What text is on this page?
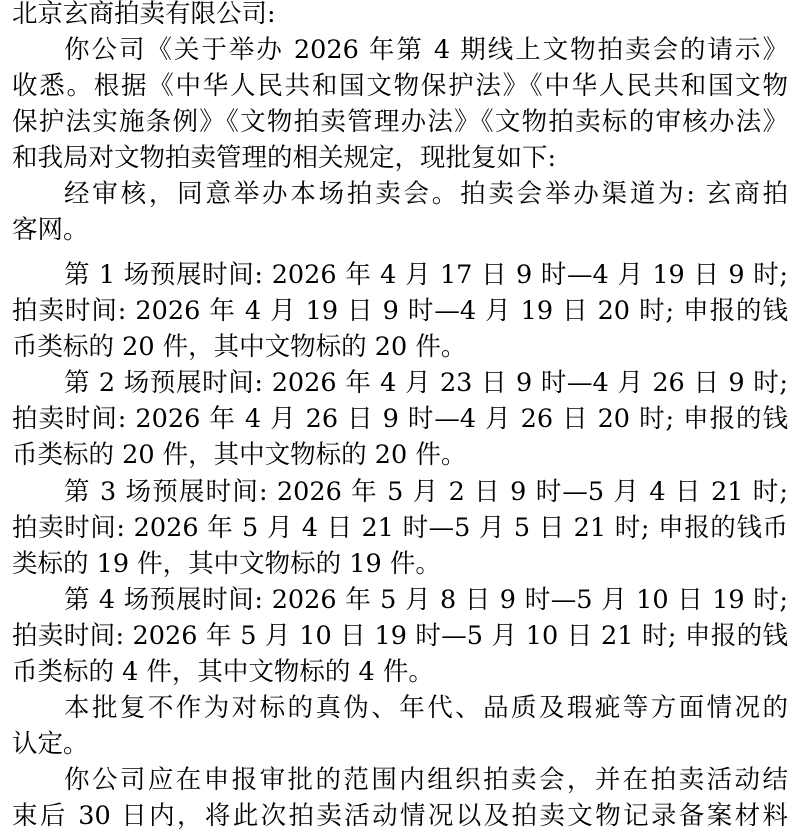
北京玄商拍卖有限公司:
你公司《关于举办 2026 年第 4 期线上文物拍卖会的请示》
收悉。根据《中华人民共和国文物保护法》《中华人民共和国文物
保护法实施条例》《文物拍卖管理办法》《文物拍卖标的审核办法》
和我局对文物拍卖管理的相关规定，现批复如下:
经审核，同意举办本场拍卖会。拍卖会举办渠道为: 玄商拍
客网。
第 1 场预展时间: 2026 年 4 月 17 日 9 时—4 月 19 日 9 时;
拍卖时间: 2026 年 4 月 19 日 9 时—4 月 19 日 20 时; 申报的钱
币类标的 20 件，其中文物标的 20 件。
第 2 场预展时间: 2026 年 4 月 23 日 9 时—4 月 26 日 9 时;
拍卖时间: 2026 年 4 月 26 日 9 时—4 月 26 日 20 时; 申报的钱
币类标的 20 件，其中文物标的 20 件。
第 3 场预展时间: 2026 年 5 月 2 日 9 时—5 月 4 日 21 时;
拍卖时间: 2026 年 5 月 4 日 21 时—5 月 5 日 21 时; 申报的钱币
类标的 19 件，其中文物标的 19 件。
第 4 场预展时间: 2026 年 5 月 8 日 9 时—5 月 10 日 19 时;
拍卖时间: 2026 年 5 月 10 日 19 时—5 月 10 日 21 时; 申报的钱
币类标的 4 件，其中文物标的 4 件。
本批复不作为对标的真伪、年代、品质及瑕疵等方面情况的
认定。
你公司应在申报审批的范围内组织拍卖会，并在拍卖活动结
束后 30 日内，将此次拍卖活动情况以及拍卖文物记录备案材料
